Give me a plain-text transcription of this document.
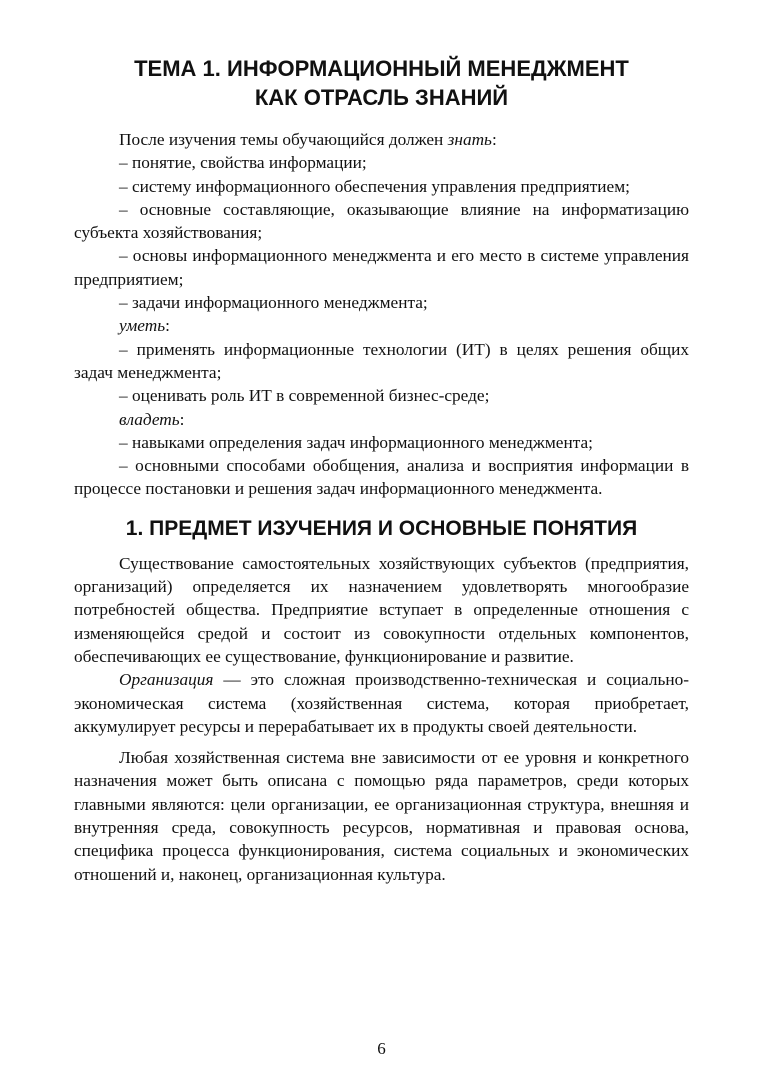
ТЕМА 1. ИНФОРМАЦИОННЫЙ МЕНЕДЖМЕНТ
КАК ОТРАСЛЬ ЗНАНИЙ

После изучения темы обучающийся должен знать:

– понятие, свойства информации;

– систему информационного обеспечения управления предприятием;

– основные составляющие, оказывающие влияние на информатизацию субъекта хозяйствования;

– основы информационного менеджмента и его место в системе управления предприятием;

– задачи информационного менеджмента;

уметь:

– применять информационные технологии (ИТ) в целях решения общих задач менеджмента;

– оценивать роль ИТ в современной бизнес-среде;

владеть:

– навыками определения задач информационного менеджмента;

– основными способами обобщения, анализа и восприятия информации в процессе постановки и решения задач информационного менеджмента.

1. ПРЕДМЕТ ИЗУЧЕНИЯ И ОСНОВНЫЕ ПОНЯТИЯ

Существование самостоятельных хозяйствующих субъектов (предприятия, организаций) определяется их назначением удовлетворять многообразие потребностей общества. Предприятие вступает в определенные отношения с изменяющейся средой и состоит из совокупности отдельных компонентов, обеспечивающих ее существование, функционирование и развитие.

Организация — это сложная производственно-техническая и социально-экономическая система (хозяйственная система, которая приобретает, аккумулирует ресурсы и перерабатывает их в продукты своей деятельности.

Любая хозяйственная система вне зависимости от ее уровня и конкретного назначения может быть описана с помощью ряда параметров, среди которых главными являются: цели организации, ее организационная структура, внешняя и внутренняя среда, совокупность ресурсов, нормативная и правовая основа, специфика процесса функционирования, система социальных и экономических отношений и, наконец, организационная культура.

6
